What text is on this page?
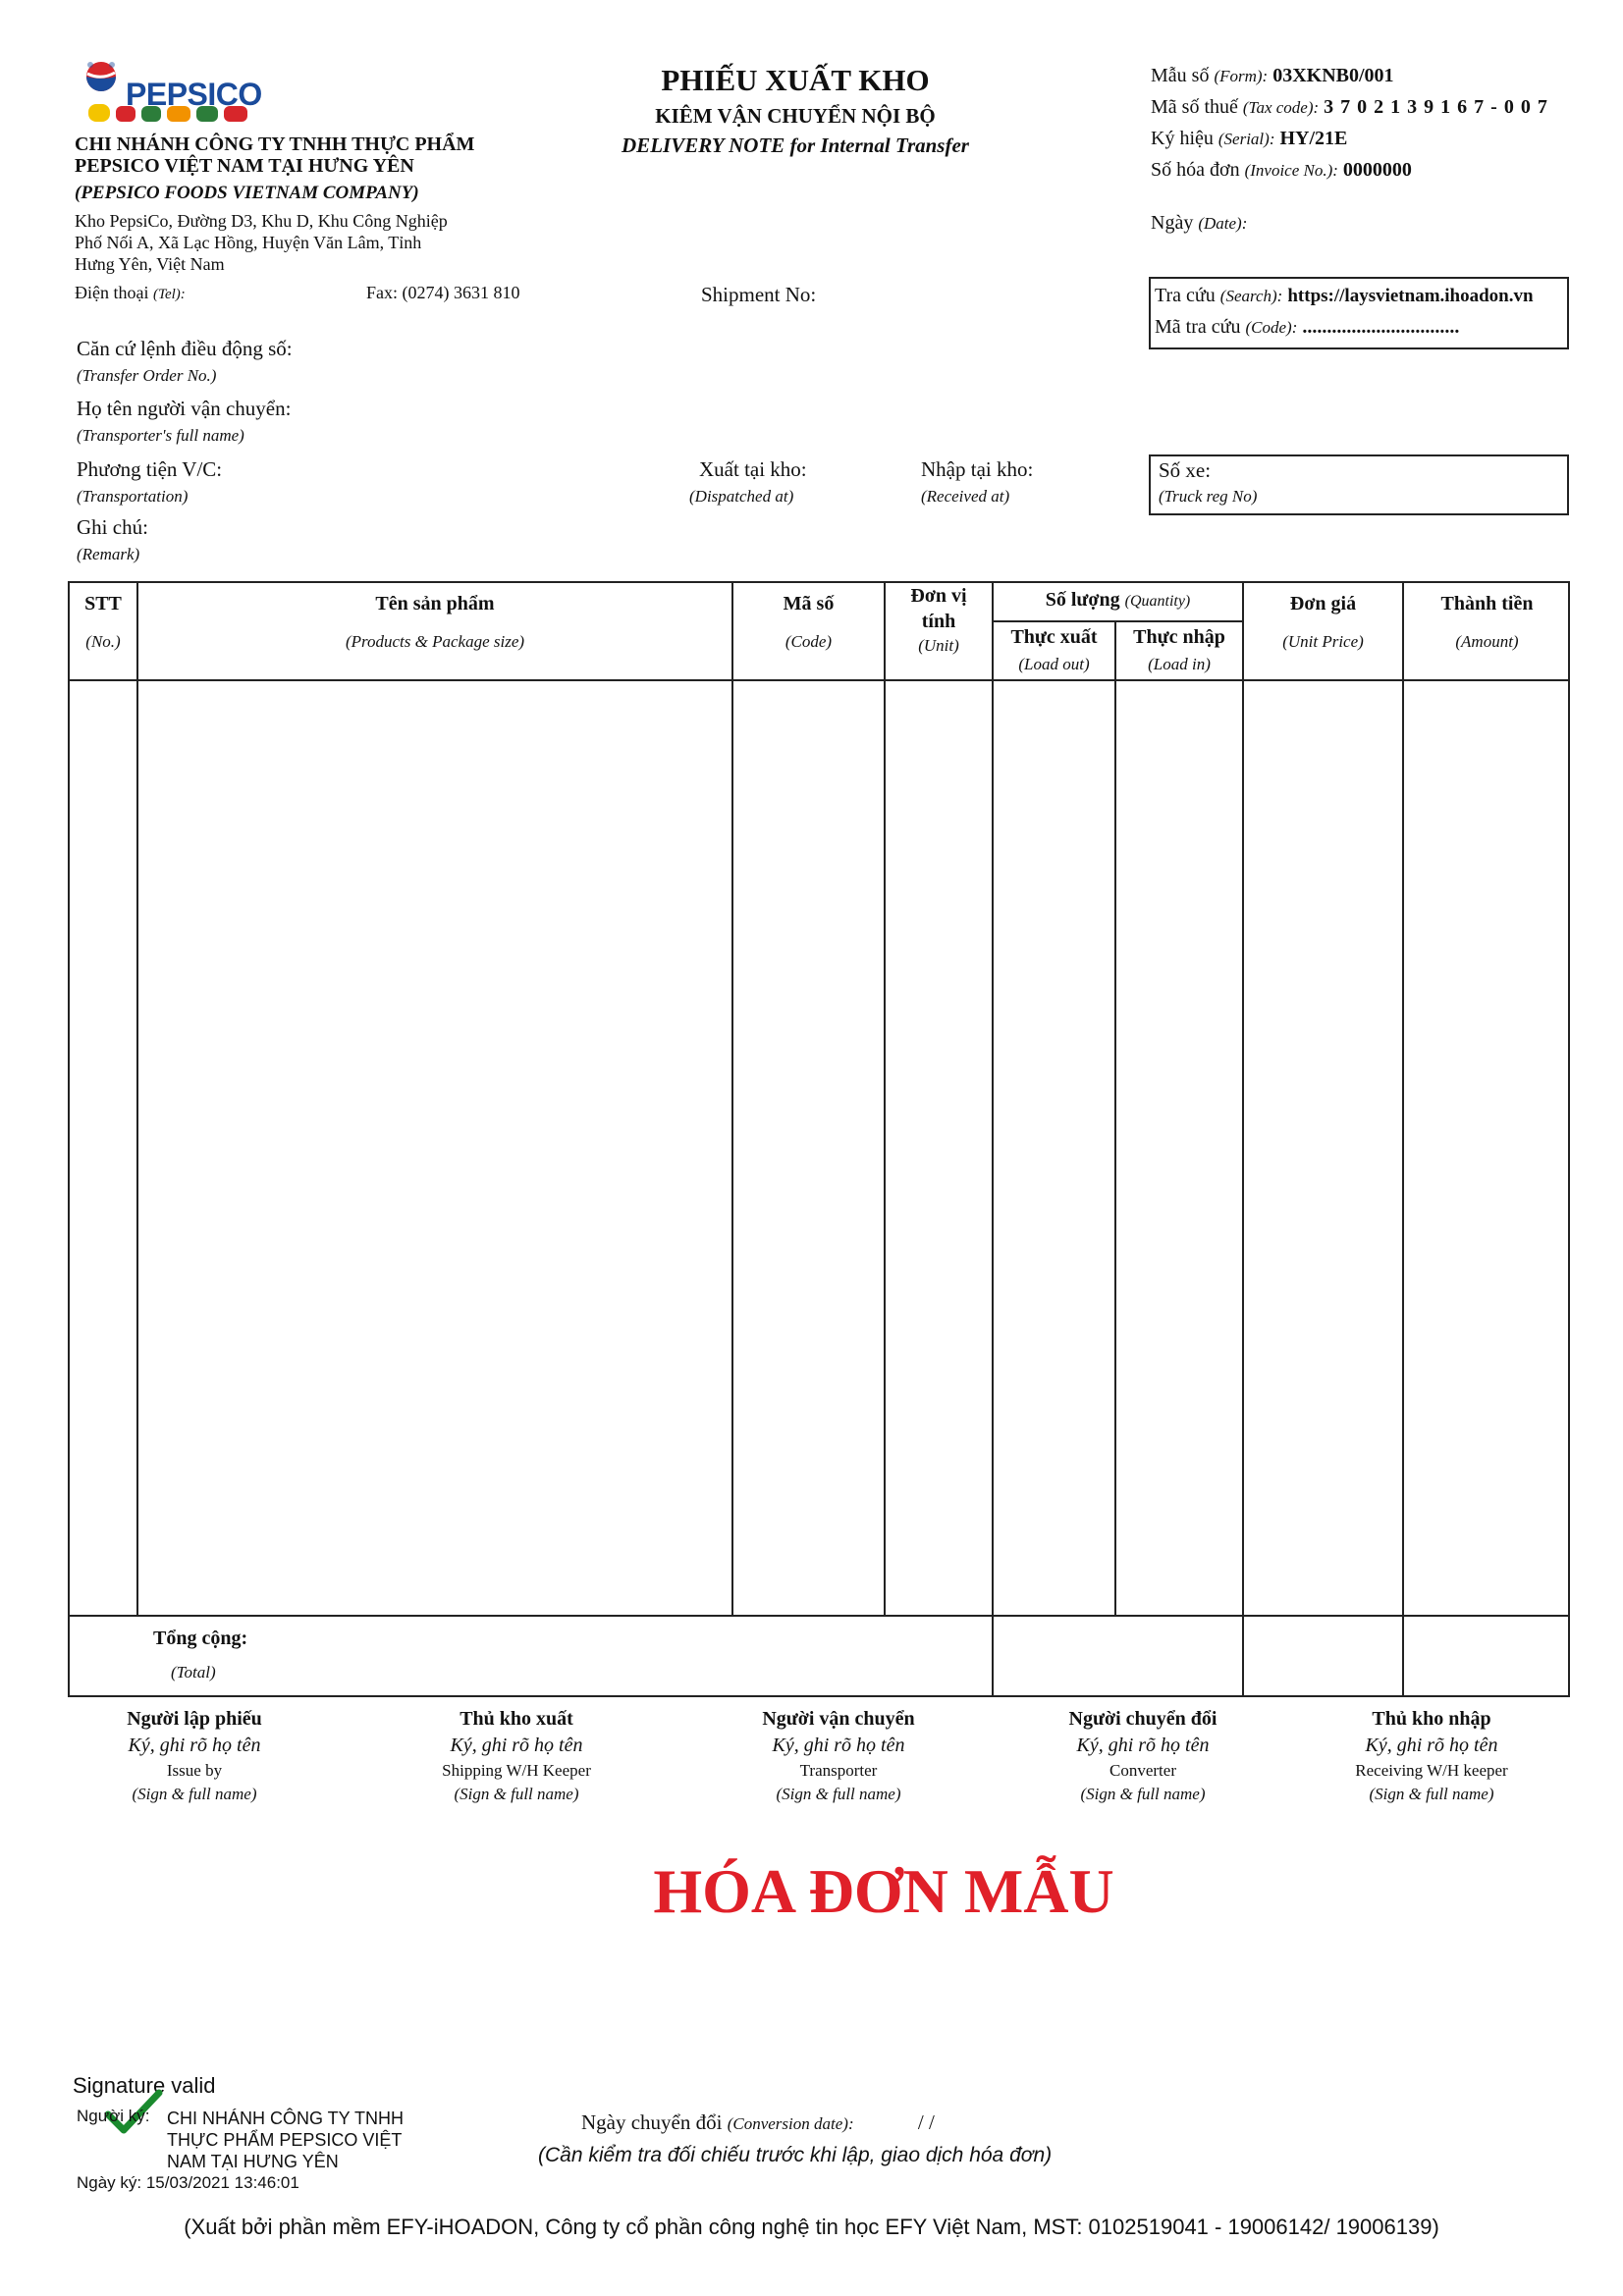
PEPSICO
CHI NHÁNH CÔNG TY TNHH THỰC PHẨM
PEPSICO VIỆT NAM TẠI HƯNG YÊN
(PEPSICO FOODS VIETNAM COMPANY)
Kho PepsiCo, Đường D3, Khu D, Khu Công Nghiệp
Phố Nối A, Xã Lạc Hồng, Huyện Văn Lâm, Tỉnh
Hưng Yên, Việt Nam
Điện thoại (Tel):	Fax: (0274) 3631 810
PHIẾU XUẤT KHO
KIÊM VẬN CHUYỂN NỘI BỘ
DELIVERY NOTE for Internal Transfer
Shipment No:
Mẫu số (Form): 03XKNB0/001
Mã số thuế (Tax code): 3 7 0 2 1 3 9 1 6 7 - 0 0 7
Ký hiệu (Serial): HY/21E
Số hóa đơn (Invoice No.): 0000000
Ngày (Date):
Tra cứu (Search): https://laysvietnam.ihoadon.vn
Mã tra cứu (Code): ................................
Căn cứ lệnh điều động số:
(Transfer Order No.)
Họ tên người vận chuyển:
(Transporter's full name)
Phương tiện V/C:
(Transportation)
Xuất tại kho:
(Dispatched at)
Nhập tại kho:
(Received at)
Số xe:
(Truck reg No)
Ghi chú:
(Remark)
STT
(No.)
Tên sản phẩm
(Products & Package size)
Mã số
(Code)
Đơn vị
tính
(Unit)
Số lượng (Quantity)
Thực xuất
(Load out)
Thực nhập
(Load in)
Đơn giá
(Unit Price)
Thành tiền
(Amount)
Tổng cộng:
(Total)
Người lập phiếu
Ký, ghi rõ họ tên
Issue by
(Sign & full name)
Thủ kho xuất
Ký, ghi rõ họ tên
Shipping W/H Keeper
(Sign & full name)
Người vận chuyển
Ký, ghi rõ họ tên
Transporter
(Sign & full name)
Người chuyển đổi
Ký, ghi rõ họ tên
Converter
(Sign & full name)
Thủ kho nhập
Ký, ghi rõ họ tên
Receiving W/H keeper
(Sign & full name)
HÓA ĐƠN MẪU
Signature valid
Người ký: CHI NHÁNH CÔNG TY TNHH
THỰC PHẨM PEPSICO VIỆT
NAM TẠI HƯNG YÊN
Ngày ký: 15/03/2021 13:46:01
Ngày chuyển đổi (Conversion date):	/ /
(Cần kiểm tra đối chiếu trước khi lập, giao dịch hóa đơn)
(Xuất bởi phần mềm EFY-iHOADON, Công ty cổ phần công nghệ tin học EFY Việt Nam, MST: 0102519041 - 19006142/ 19006139)
